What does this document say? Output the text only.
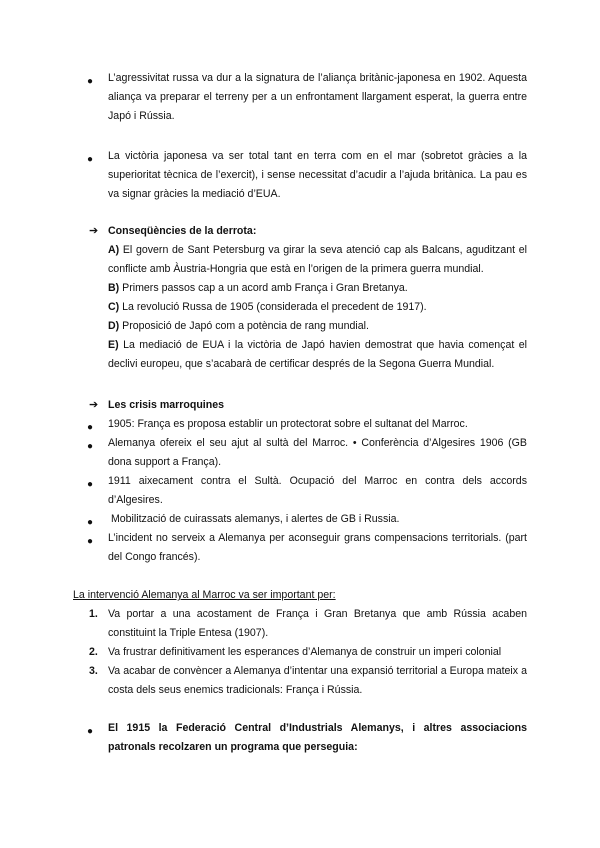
● L’agressivitat russa va dur a la signatura de l’aliança britànic-japonesa en 1902. Aquesta aliança va preparar el terreny per a un enfrontament llargament esperat, la guerra entre Japó i Rússia.
● La victòria japonesa va ser total tant en terra com en el mar (sobretot gràcies a la superioritat tècnica de l’exercit), i sense necessitat d’acudir a l’ajuda britànica. La pau es va signar gràcies la mediació d’EUA.
➔ Conseqüències de la derrota:
A) El govern de Sant Petersburg va girar la seva atenció cap als Balcans, aguditzant el conflicte amb Àustria-Hongria que està en l’origen de la primera guerra mundial.
B) Primers passos cap a un acord amb França i Gran Bretanya.
C) La revolució Russa de 1905 (considerada el precedent de 1917).
D) Proposició de Japó com a potència de rang mundial.
E) La mediació de EUA i la victòria de Japó havien demostrat que havia començat el declivi europeu, que s’acabarà de certificar després de la Segona Guerra Mundial.
➔ Les crisis marroquines
● 1905: França es proposa establir un protectorat sobre el sultanat del Marroc.
● Alemanya ofereix el seu ajut al sultà del Marroc. • Conferència d’Algesires 1906 (GB dona support a França).
● 1911 aixecament contra el Sultà. Ocupació del Marroc en contra dels accords d’Algesires.
● Mobilització de cuirassats alemanys, i alertes de GB i Russia.
● L’incident no serveix a Alemanya per aconseguir grans compensacions territorials. (part del Congo francés).
La intervenció Alemanya al Marroc va ser important per:
1. Va portar a una acostament de França i Gran Bretanya que amb Rússia acaben constituint la Triple Entesa (1907).
2. Va frustrar definitivament les esperances d’Alemanya de construir un imperi colonial
3. Va acabar de convèncer a Alemanya d’intentar una expansió territorial a Europa mateix a costa dels seus enemics tradicionals: França i Rússia.
● El 1915 la Federació Central d’Industrials Alemanys, i altres associacions patronals recolzaren un programa que perseguia:
